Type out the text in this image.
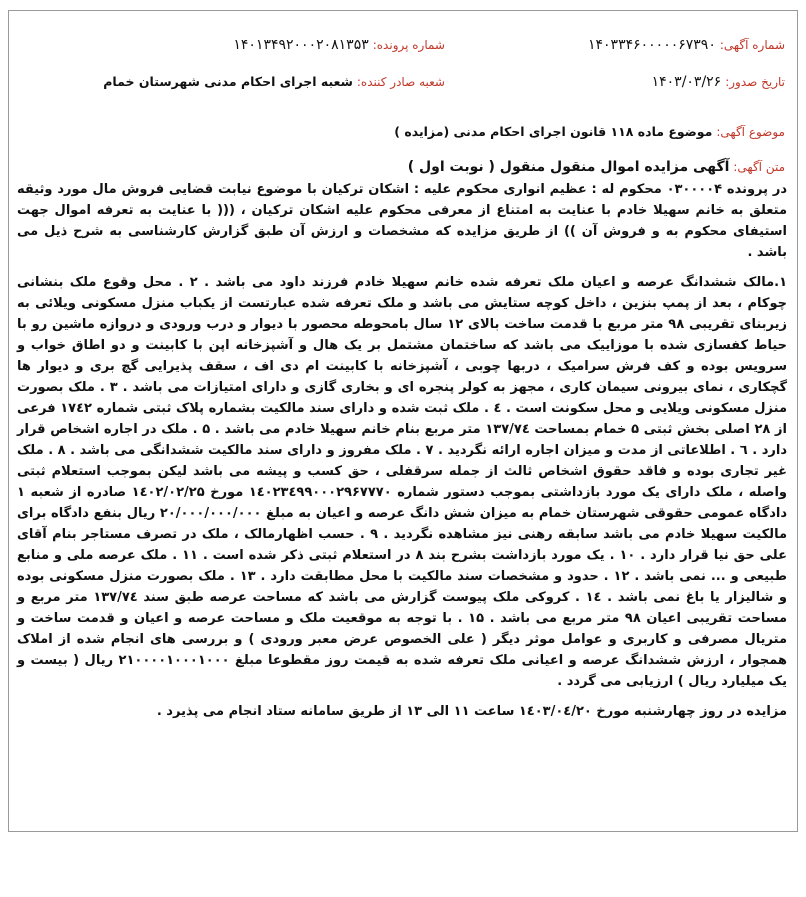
شماره آگهی: ۱۴۰۳۳۴۶۰۰۰۰۰۶۷۳۹۰
شماره پرونده: ۱۴۰۱۳۴۹۲۰۰۰۲۰۸۱۳۵۳
تاریخ صدور: ۱۴۰۳/۰۳/۲۶
شعبه صادر کننده: شعبه اجرای احکام مدنی شهرستان خمام
موضوع آگهی: موضوع ماده ۱۱۸ قانون اجرای احکام مدنی (مزایده )
متن آگهی: آگهی مزایده اموال منقول منقول ( نوبت اول )

در پرونده ۰۳۰۰۰۰۴ محکوم له : عظیم انواری محکوم علیه : اشکان ترکیان با موضوع نیابت قضایی فروش مال مورد وثیقه متعلق به خانم سهیلا خادم با عنایت به امتناع از معرفی محکوم علیه اشکان ترکیان ، ((( با عنایت به تعرفه اموال جهت استیفای محکوم به و فروش آن )) از طریق مزایده که مشخصات و ارزش آن طبق گزارش کارشناسی به شرح ذیل می باشد .

۱.مالک ششدانگ عرصه و اعیان ملک تعرفه شده خانم سهیلا خادم فرزند داود می باشد . ۲ . محل وقوع ملک بنشانی چوکام ، بعد از پمپ بنزین ، داخل کوچه ستایش می باشد و ملک تعرفه شده عبارتست از یکباب منزل مسکونی ویلائی به زیربنای تقریبی ۹۸ متر مربع با قدمت ساخت بالای ۱۲ سال بامحوطه محصور با دیوار و درب ورودی و دروازه ماشین رو با حیاط کفسازی شده با موزاییک می باشد که ساختمان مشتمل بر یک هال و آشپزخانه اپن با کابینت و دو اطاق خواب و سرویس بوده و کف فرش سرامیک ، دربها چوبی ، آشپزخانه با کابینت ام دی اف ، سقف پذیرایی گچ بری و دیوار ها گچکاری ، نمای بیرونی سیمان کاری ، مجهز به کولر پنجره ای و بخاری گازی و دارای امتیازات می باشد . ۳ . ملک بصورت منزل مسکونی ویلایی و محل سکونت است . ٤ . ملک ثبت شده و دارای سند مالکیت بشماره پلاک ثبتی شماره ۱۷٤۲ فرعی از ۲۸ اصلی بخش ثبتی ۵ خمام بمساحت ۱۳۷/۷٤ متر مربع بنام خانم سهیلا خادم می باشد . ۵ . ملک در اجاره اشخاص قرار دارد . ٦ . اطلاعاتی از مدت و میزان اجاره ارائه نگردید . ۷ . ملک مفروز و دارای سند مالکیت ششدانگی می باشد . ۸ . ملک غیر تجاری بوده و فاقد حقوق اشخاص ثالث از جمله سرقفلی ، حق کسب و پیشه می باشد لیکن بموجب استعلام ثبتی واصله ، ملک دارای یک مورد بازداشتی بموجب دستور شماره ۱٤۰۲۳٤۹۹۰۰۰۲۹۶۷۷۷۰ مورخ ۱٤۰۲/۰۲/۲۵ صادره از شعبه ۱ دادگاه عمومی حقوقی شهرستان خمام به میزان شش دانگ عرصه و اعیان به مبلغ ۲۰/۰۰۰/۰۰۰/۰۰۰ ریال بنفع دادگاه برای مالکیت سهیلا خادم می باشد سابقه رهنی نیز مشاهده نگردید . ۹ . حسب اظهارمالک ، ملک در تصرف مستاجر بنام آقای علی حق نیا قرار دارد . ۱۰ . یک مورد بازداشت بشرح بند ۸ در استعلام ثبتی ذکر شده است . ۱۱ . ملک عرصه ملی و منابع طبیعی و ... نمی باشد . ۱۲ . حدود و مشخصات سند مالکیت با محل مطابقت دارد . ۱۳ . ملک بصورت منزل مسکونی بوده و شالیزار یا باغ نمی باشد . ۱٤ . کروکی ملک پیوست گزارش می باشد که مساحت عرصه طبق سند ۱۳۷/۷٤ متر مربع و مساحت تقریبی اعیان ۹۸ متر مربع می باشد . ۱۵ . با توجه به موقعیت ملک و مساحت عرصه و اعیان و قدمت ساخت و متریال مصرفی و کاربری و عوامل موثر دیگر ( علی الخصوص عرض معبر ورودی ) و بررسی های انجام شده از املاک همجوار ، ارزش ششدانگ عرصه و اعیانی ملک تعرفه شده به قیمت روز مقطوعا مبلغ ۲۱۰۰۰۰۱۰۰۰۱۰۰۰ ریال ( بیست و یک میلیارد ریال ) ارزیابی می گردد .

مزایده در روز چهارشنبه مورخ ۱٤۰۳/۰٤/۲۰ ساعت ۱۱ الی ۱۳ از طریق سامانه ستاد انجام می پذیرد .
